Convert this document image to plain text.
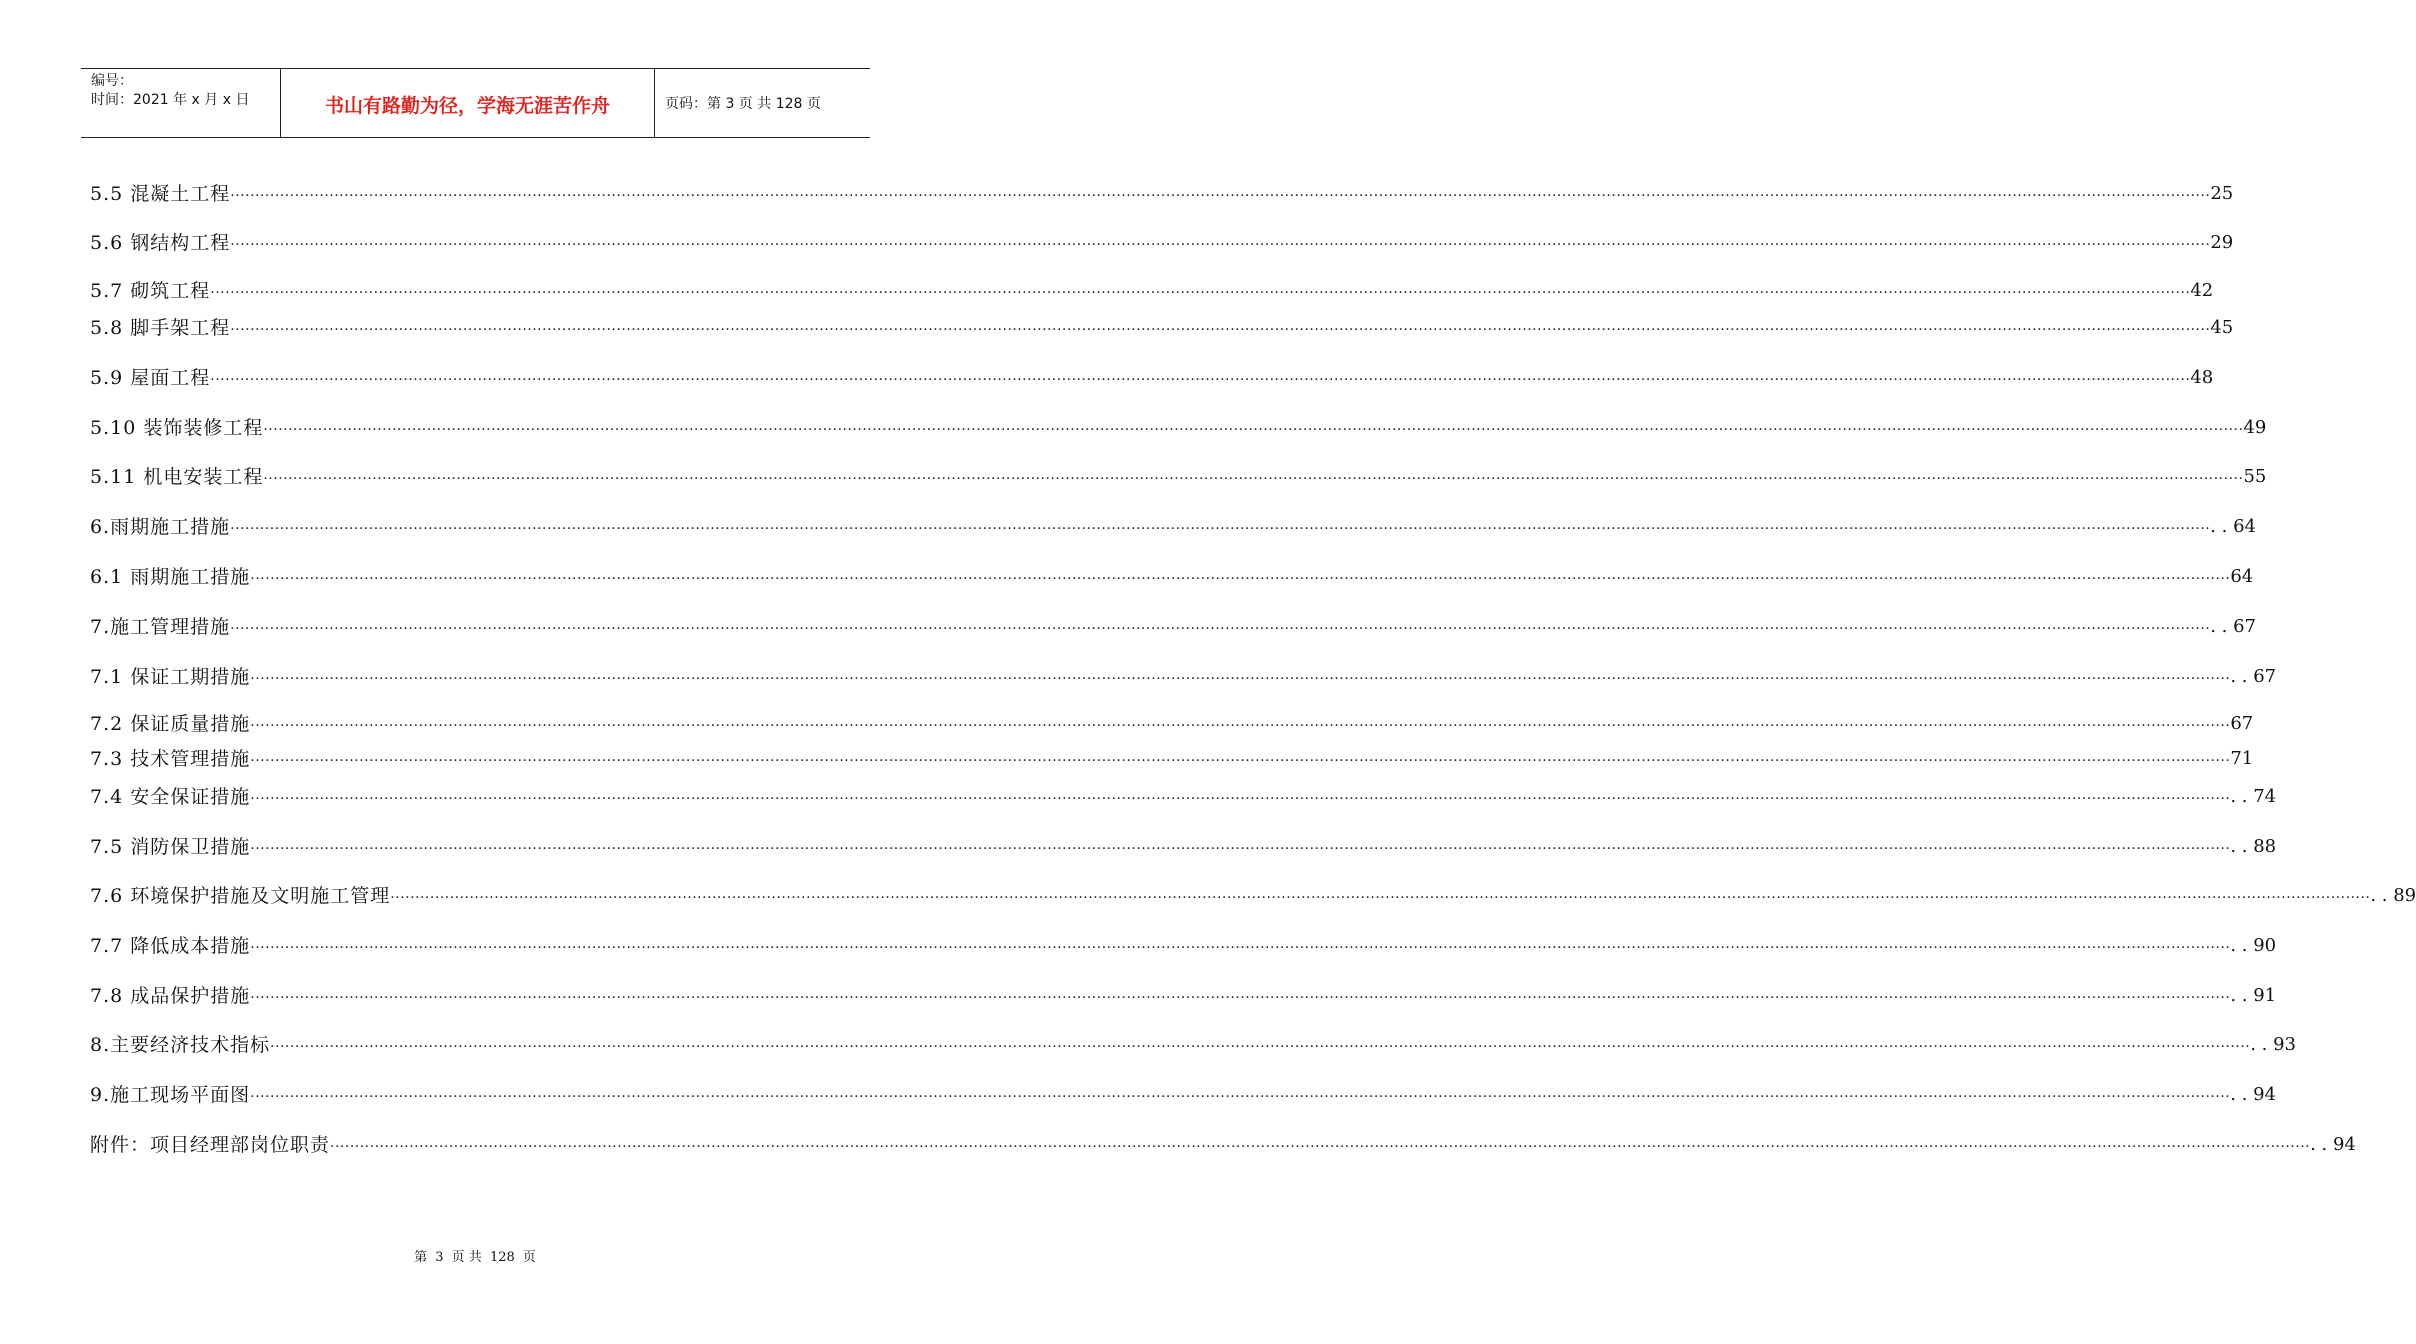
编号：
时间：2021 年 x 月 x 日	书山有路勤为径，学海无涯苦作舟	页码：第 3 页 共 128 页
5.5 混凝土工程 ················································································································································································································································································································································································································ 25
5.6 钢结构工程 ················································································································································································································································································································································································································ 29
5.7 砌筑工程 ················································································································································································································································································································································································································ 42
5.8 脚手架工程 ················································································································································································································································································································································································································ 45
5.9 屋面工程 ················································································································································································································································································································································································································ 48
5.10 装饰装修工程 ················································································································································································································································································································································································································ 49
5.11 机电安装工程 ················································································································································································································································································································································································································ 55
6.雨期施工措施 ················································································································································································································································································································································································································ . . 64
6.1 雨期施工措施 ················································································································································································································································································································································································································ 64
7.施工管理措施 ················································································································································································································································································································································································································ . . 67
7.1 保证工期措施 ················································································································································································································································································································································································································ . . 67
7.2 保证质量措施 ················································································································································································································································································································································································································ 67
7.3 技术管理措施 ················································································································································································································································································································································································································ 71
7.4 安全保证措施 ················································································································································································································································································································································································································ . . 74
7.5 消防保卫措施 ················································································································································································································································································································································································································ . . 88
7.6 环境保护措施及文明施工管理 ················································································································································································································································································································································································································ . . 89
7.7 降低成本措施 ················································································································································································································································································································································································································ . . 90
7.8 成品保护措施 ················································································································································································································································································································································································································ . . 91
8.主要经济技术指标 ················································································································································································································································································································································································································ . . 93
9.施工现场平面图 ················································································································································································································································································································································································································ . . 94
附件：项目经理部岗位职责 ················································································································································································································································································································································································································ . . 94
第 3 页 共 128 页
